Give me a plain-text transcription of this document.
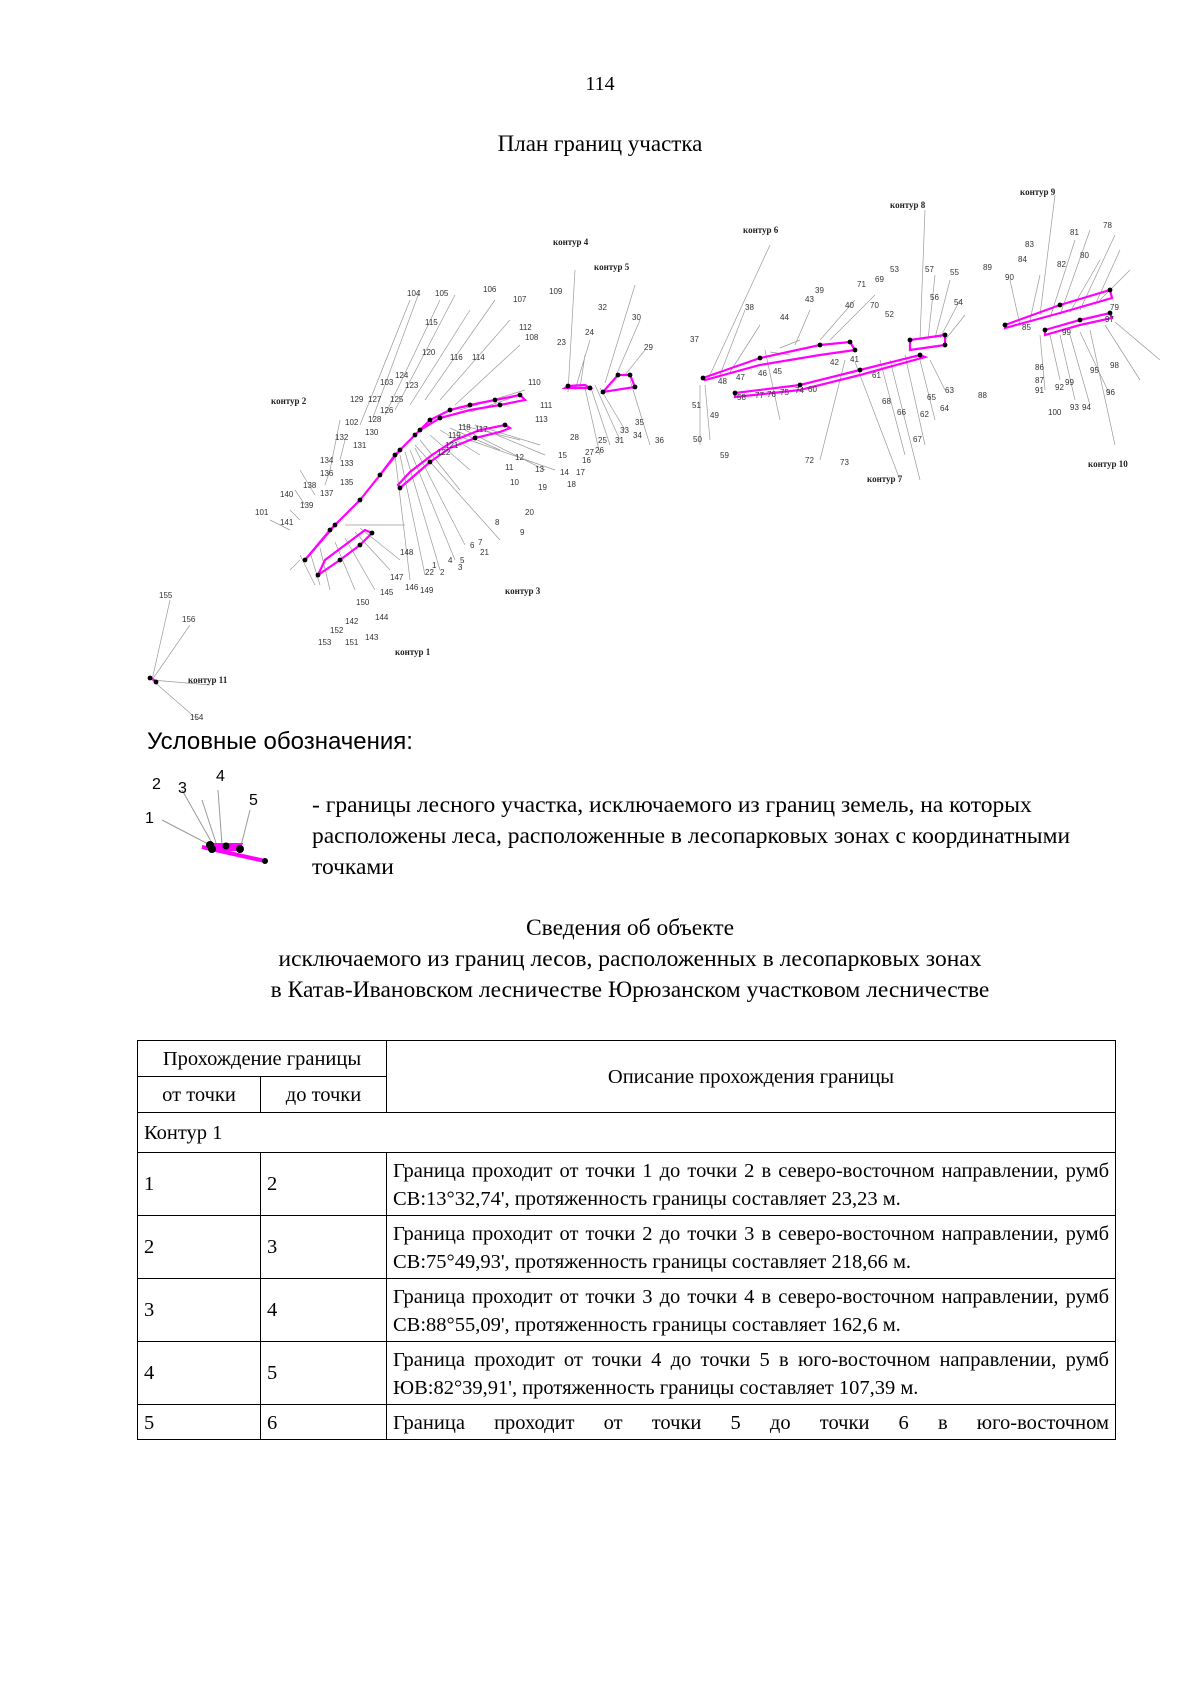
114
План границ участка
104 105	106
107
109
112
108
110
111
113
115
120
116 114
124
103 123
129 127 125
126
102 128
132
130
131
134 133
136
135
138
137
140
139
101
141
148
147
145
146 149
150
144
142
143
152
151
153
22 2
1
4
3
5
6
21
7
8
9
20
10
11
12
13 14
15
16
17
18
19
117
118
119
121
122
23
24
32
30
29
28
27
25
26
31
33
34
35
36
37
38
44
39
43
40
41
42
46 45
47
48
51
49
50
59
58 77 76 75 74 60
61
70
71
69
53
52
57 55
56
54
63
64
65
68
66 62
67
72	73
89
90
83
84
82
81
80
78
79
97
98
95
96
99
92
86
87
91
88
94
93
100
85
99
155
156
154
контур 1
контур 2
контур 3
контур 4
контур 5
контур 6
контур 7
контур 8
контур 9
контур 10
контур 11
Условные обозначения:
1
2 3
4
5 - границы лесного участка, исключаемого из границ земель, на которых расположены леса, расположенные в лесопарковых зонах с координатными точками
Сведения об объекте
исключаемого из границ лесов, расположенных в лесопарковых зонах
в Катав-Ивановском лесничестве Юрюзанском участковом лесничестве
Прохождение границы		Описание прохождения границы
от точки	до точки	
Контур 1		
1	2	Граница проходит от точки 1 до точки 2 в северо-восточном направлении, румб СВ:13°32,74', протяженность границы составляет 23,23 м.
2	3	Граница проходит от точки 2 до точки 3 в северо-восточном направлении, румб СВ:75°49,93', протяженность границы составляет 218,66 м.
3	4	Граница проходит от точки 3 до точки 4 в северо-восточном направлении, румб СВ:88°55,09', протяженность границы составляет 162,6 м.
4	5	Граница проходит от точки 4 до точки 5 в юго-восточном направлении, румб ЮВ:82°39,91', протяженность границы составляет 107,39 м.
5	6	Граница проходит от точки 5 до точки 6 в юго-восточном
